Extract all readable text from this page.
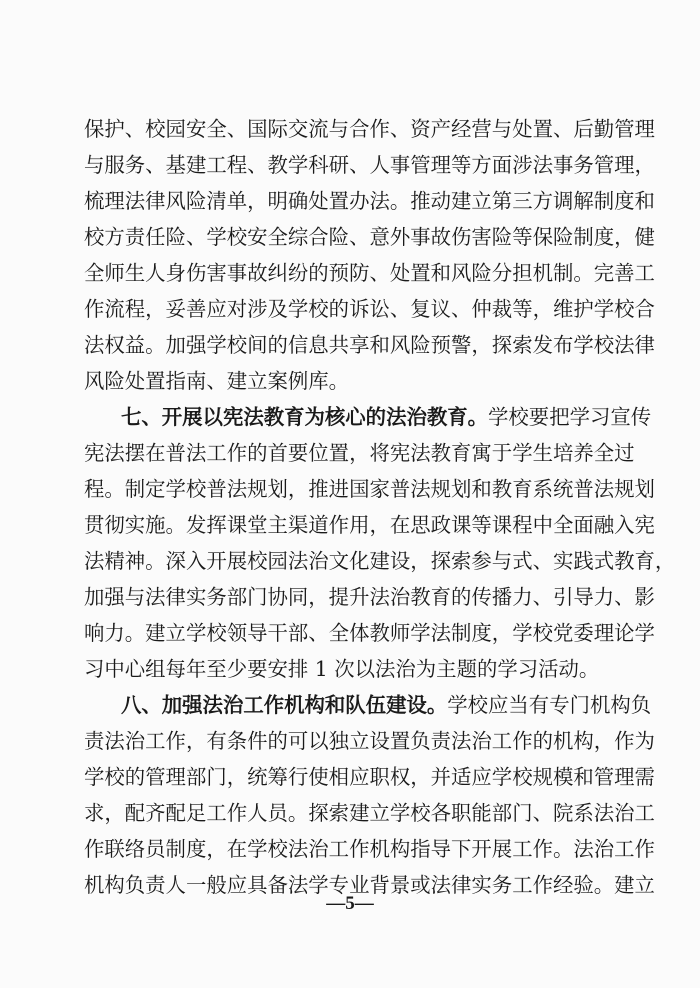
保护、校园安全、国际交流与合作、资产经营与处置、后勤管理
与服务、基建工程、教学科研、人事管理等方面涉法事务管理，
梳理法律风险清单，明确处置办法。推动建立第三方调解制度和
校方责任险、学校安全综合险、意外事故伤害险等保险制度，健
全师生人身伤害事故纠纷的预防、处置和风险分担机制。完善工
作流程，妥善应对涉及学校的诉讼、复议、仲裁等，维护学校合
法权益。加强学校间的信息共享和风险预警，探索发布学校法律
风险处置指南、建立案例库。
七、开展以宪法教育为核心的法治教育。学校要把学习宣传
宪法摆在普法工作的首要位置，将宪法教育寓于学生培养全过
程。制定学校普法规划，推进国家普法规划和教育系统普法规划
贯彻实施。发挥课堂主渠道作用，在思政课等课程中全面融入宪
法精神。深入开展校园法治文化建设，探索参与式、实践式教育，
加强与法律实务部门协同，提升法治教育的传播力、引导力、影
响力。建立学校领导干部、全体教师学法制度，学校党委理论学
习中心组每年至少要安排 1 次以法治为主题的学习活动。
八、加强法治工作机构和队伍建设。学校应当有专门机构负
责法治工作，有条件的可以独立设置负责法治工作的机构，作为
学校的管理部门，统筹行使相应职权，并适应学校规模和管理需
求，配齐配足工作人员。探索建立学校各职能部门、院系法治工
作联络员制度，在学校法治工作机构指导下开展工作。法治工作
机构负责人一般应具备法学专业背景或法律实务工作经验。建立
—5—
